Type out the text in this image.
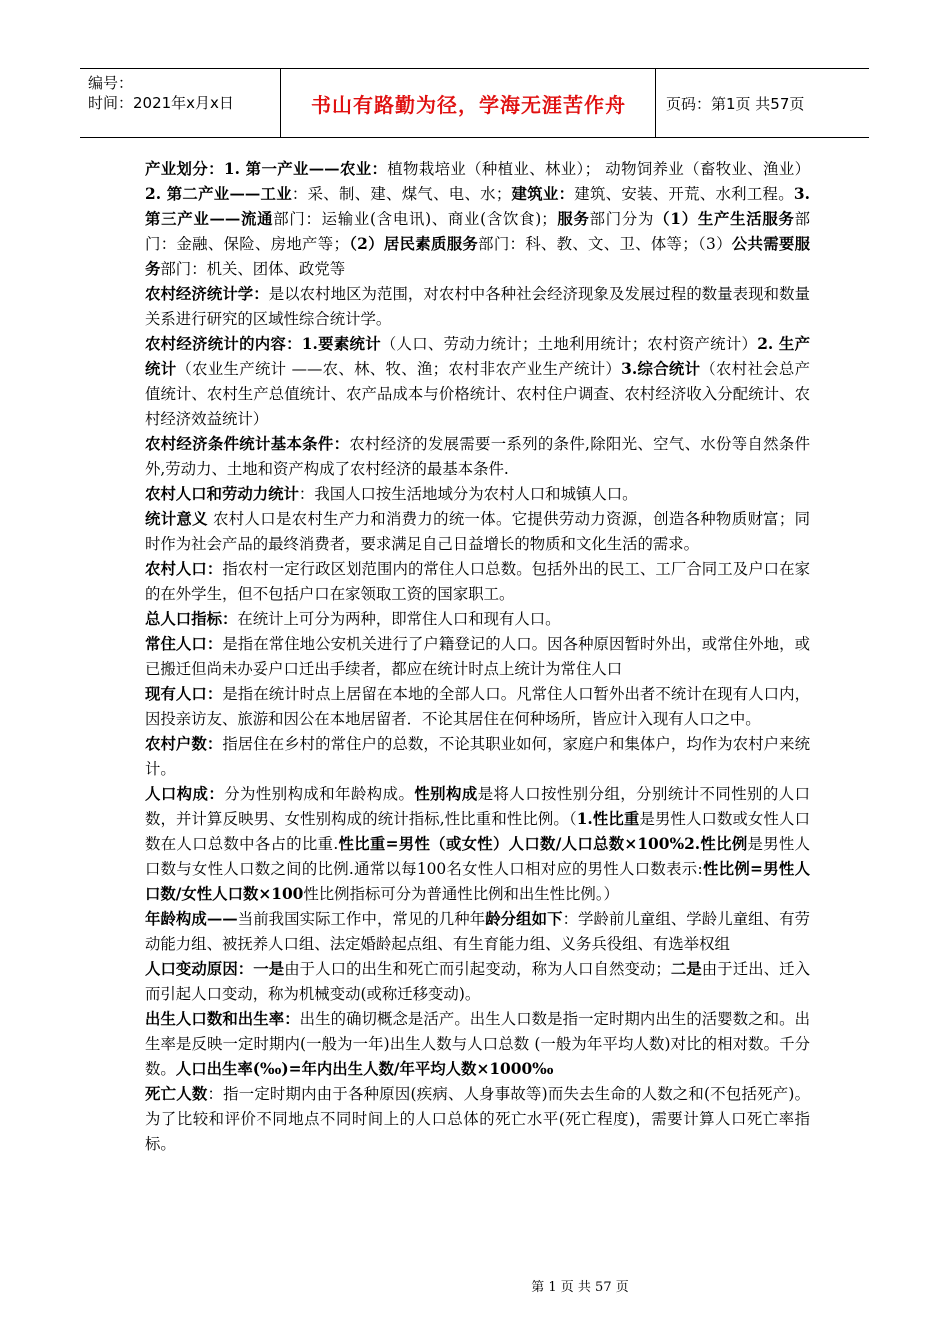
编号：
时间：2021年x月x日	书山有路勤为径，学海无涯苦作舟	页码：第1页 共57页

产业划分：1. 第一产业——农业：植物栽培业（种植业、林业）； 动物饲养业（畜牧业、渔业）2. 第二产业——工业：采、制、建、煤气、电、水；建筑业：建筑、安装、开荒、水利工程。3. 第三产业——流通部门：运输业(含电讯)、商业(含饮食)；服务部门分为（1）生产生活服务部门：金融、保险、房地产等；（2）居民素质服务部门：科、教、文、卫、体等；（3）公共需要服务部门：机关、团体、政党等

农村经济统计学：是以农村地区为范围，对农村中各种社会经济现象及发展过程的数量表现和数量关系进行研究的区域性综合统计学。

农村经济统计的内容：1.要素统计（人口、劳动力统计；土地利用统计；农村资产统计）2. 生产统计（农业生产统计 ——农、林、牧、渔；农村非农产业生产统计）3.综合统计（农村社会总产值统计、农村生产总值统计、农产品成本与价格统计、农村住户调查、农村经济收入分配统计、农村经济效益统计）

农村经济条件统计基本条件：农村经济的发展需要一系列的条件,除阳光、空气、水份等自然条件外,劳动力、土地和资产构成了农村经济的最基本条件.

农村人口和劳动力统计：我国人口按生活地域分为农村人口和城镇人口。

统计意义 农村人口是农村生产力和消费力的统一体。它提供劳动力资源，创造各种物质财富；同时作为社会产品的最终消费者，要求满足自己日益增长的物质和文化生活的需求。

农村人口：指农村一定行政区划范围内的常住人口总数。包括外出的民工、工厂合同工及户口在家的在外学生，但不包括户口在家领取工资的国家职工。

总人口指标：在统计上可分为两种，即常住人口和现有人口。

常住人口：是指在常住地公安机关进行了户籍登记的人口。因各种原因暂时外出，或常住外地，或已搬迁但尚未办妥户口迁出手续者，都应在统计时点上统计为常住人口

现有人口：是指在统计时点上居留在本地的全部人口。凡常住人口暂外出者不统计在现有人口内，因投亲访友、旅游和因公在本地居留者．不论其居住在何种场所，皆应计入现有人口之中。

农村户数：指居住在乡村的常住户的总数，不论其职业如何，家庭户和集体户，均作为农村户来统计。

人口构成：分为性别构成和年龄构成。性别构成是将人口按性别分组，分别统计不同性别的人口数，并计算反映男、女性别构成的统计指标,性比重和性比例。（1.性比重是男性人口数或女性人口数在人口总数中各占的比重.性比重=男性（或女性）人口数/人口总数×100%2.性比例是男性人口数与女性人口数之间的比例.通常以每100名女性人口相对应的男性人口数表示:性比例=男性人口数/女性人口数×100性比例指标可分为普通性比例和出生性比例。）

年龄构成——当前我国实际工作中，常见的几种年龄分组如下：学龄前儿童组、学龄儿童组、有劳动能力组、被抚养人口组、法定婚龄起点组、有生育能力组、义务兵役组、有选举权组

人口变动原因：一是由于人口的出生和死亡而引起变动，称为人口自然变动；二是由于迁出、迁入而引起人口变动，称为机械变动(或称迁移变动)。

出生人口数和出生率：出生的确切概念是活产。出生人口数是指一定时期内出生的活婴数之和。出生率是反映一定时期内(一般为一年)出生人数与人口总数 (一般为年平均人数)对比的相对数。千分数。人口出生率(‰)=年内出生人数/年平均人数×1000‰

死亡人数：指一定时期内由于各种原因(疾病、人身事故等)而失去生命的人数之和(不包括死产)。为了比较和评价不同地点不同时间上的人口总体的死亡水平(死亡程度)，需要计算人口死亡率指标。

第 1 页 共 57 页
